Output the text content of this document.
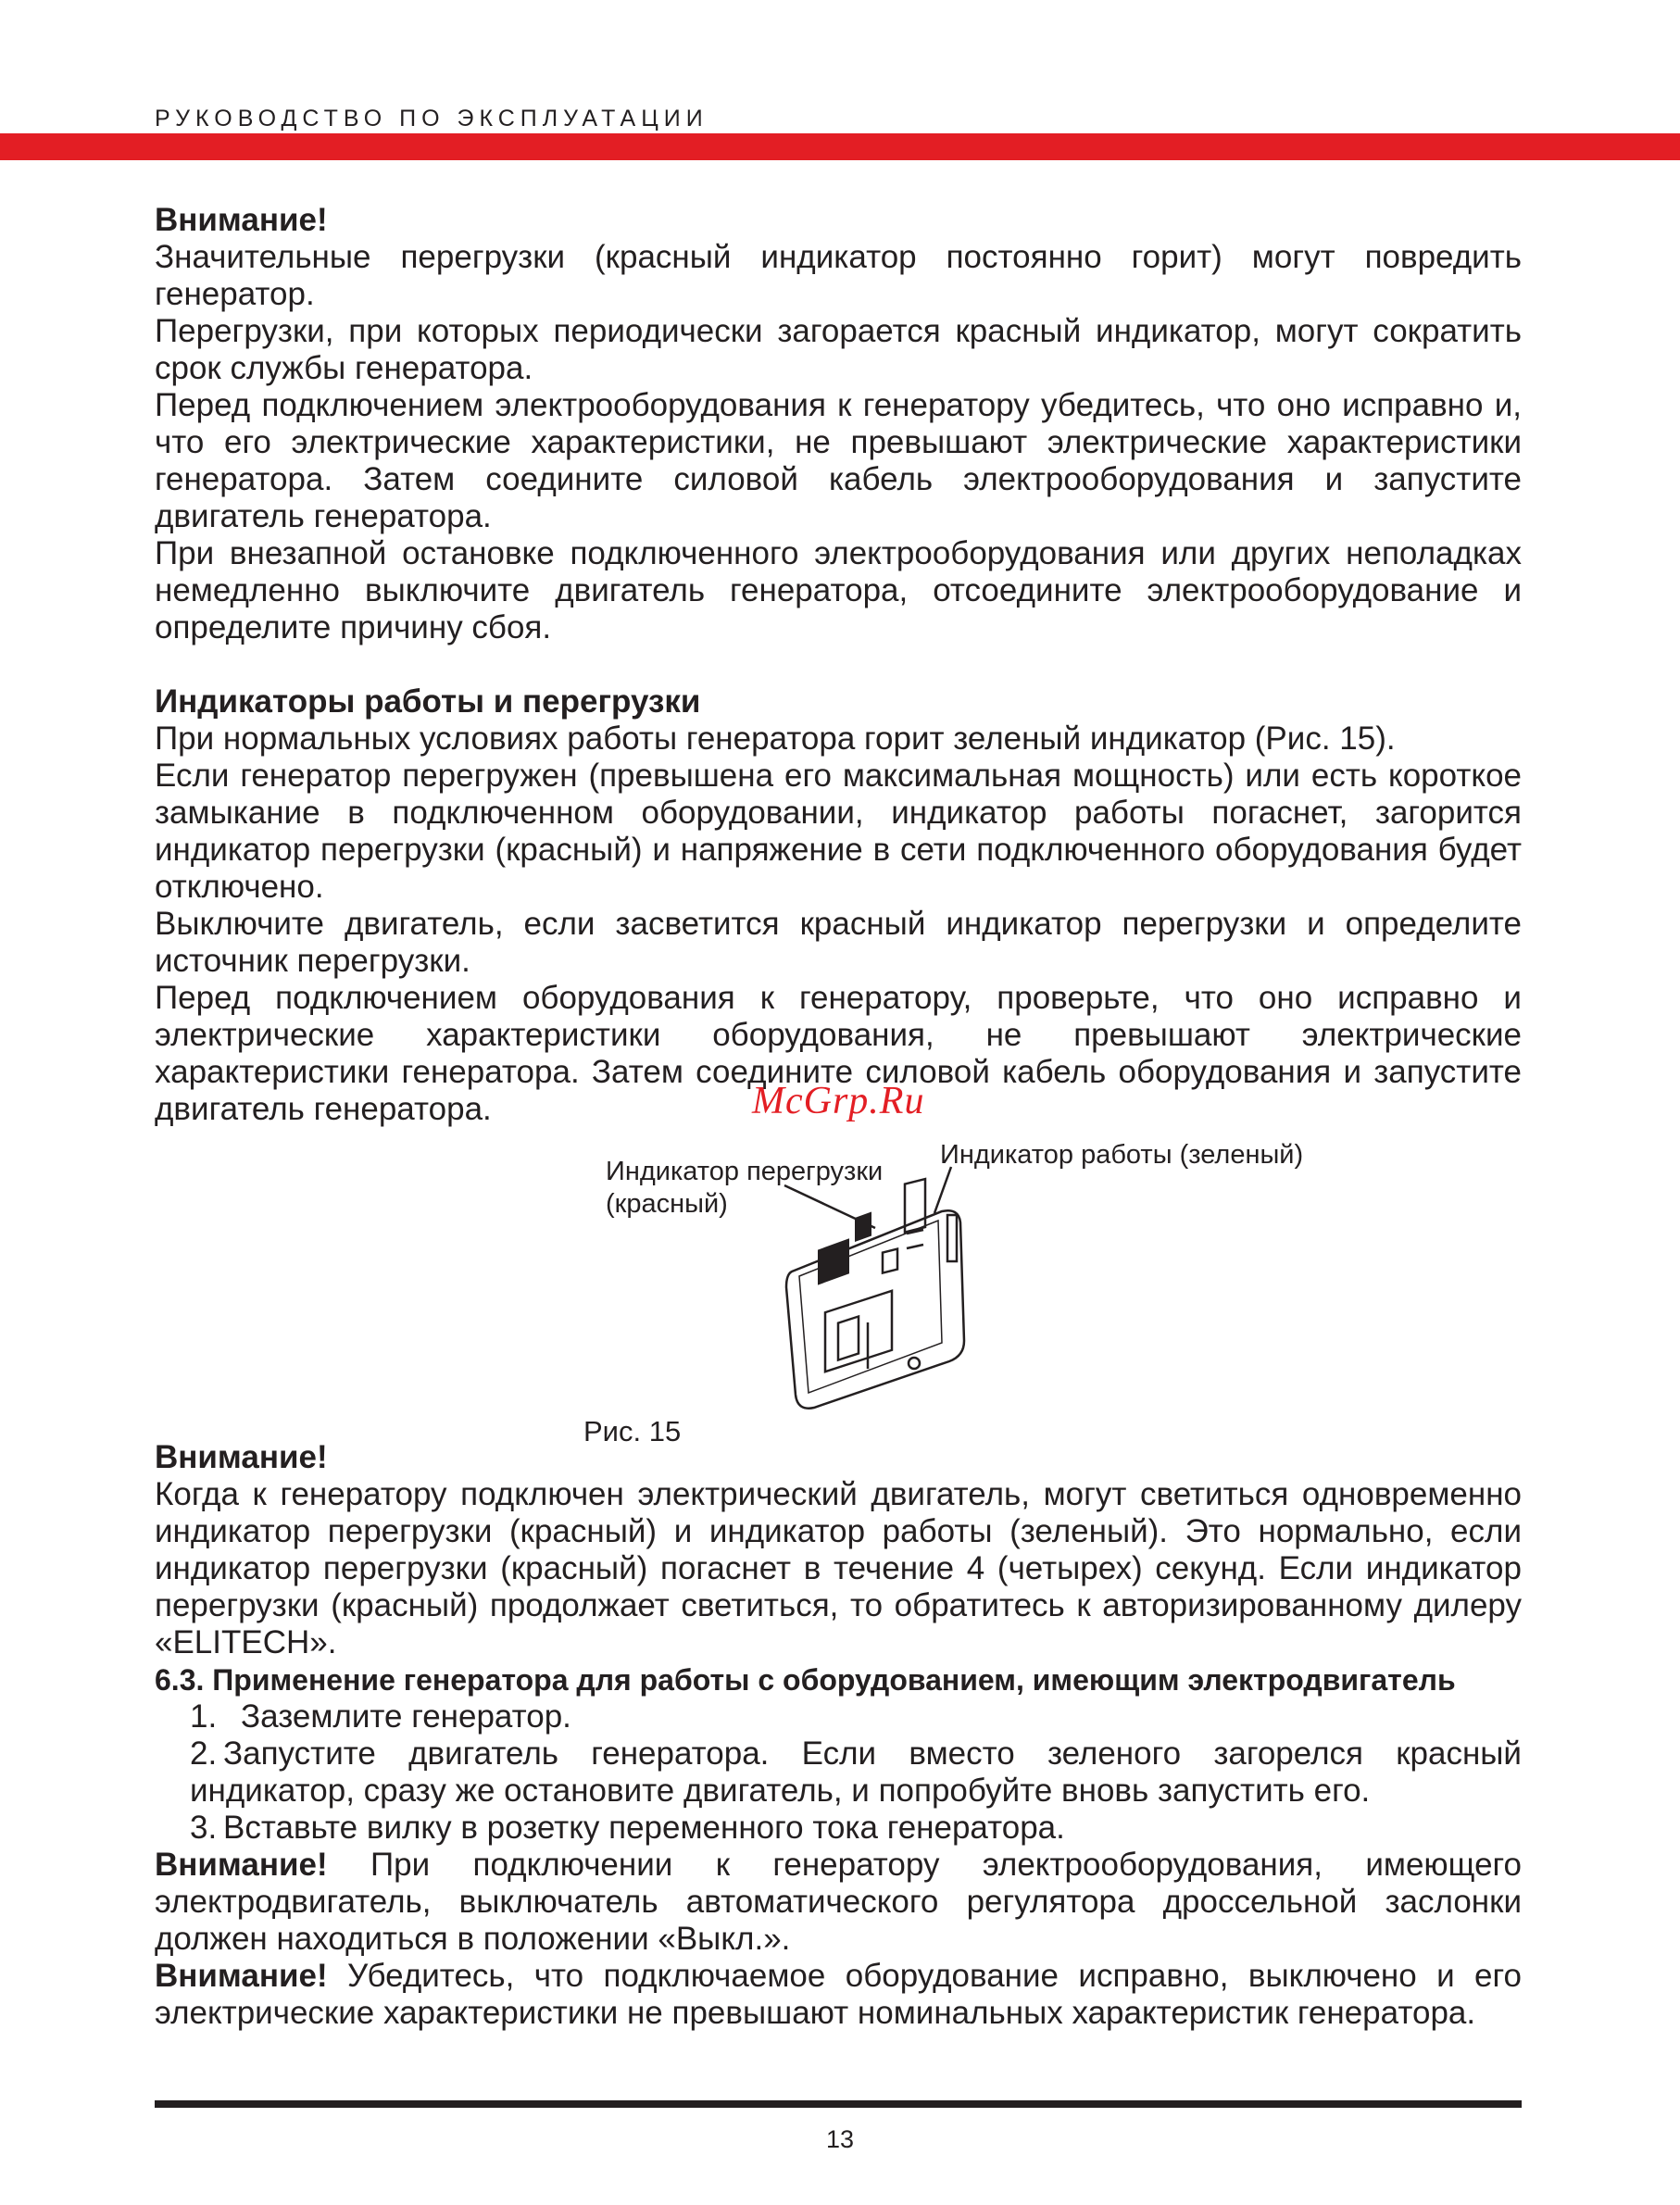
РУКОВОДСТВО ПО ЭКСПЛУАТАЦИИ

Внимание!

Значительные перегрузки (красный индикатор постоянно горит) могут повредить генератор.

Перегрузки, при которых периодически загорается красный индикатор, могут сократить срок службы генератора.

Перед подключением электрооборудования к генератору убедитесь, что оно исправно и, что его электрические характеристики, не превышают электрические характеристики генератора. Затем соедините силовой кабель электрооборудования и запустите двигатель генератора.

При внезапной остановке подключенного электрооборудования или других неполадках немедленно выключите двигатель генератора, отсоедините электрооборудование и определите причину сбоя.

Индикаторы работы и перегрузки

При нормальных условиях работы генератора горит зеленый индикатор (Рис. 15).

Если генератор перегружен (превышена его максимальная мощность) или есть короткое замыкание в подключенном оборудовании, индикатор работы погаснет, загорится индикатор перегрузки (красный) и напряжение в сети подключенного оборудования будет отключено.

Выключите двигатель, если засветится красный индикатор перегрузки и определите источник перегрузки.

Перед подключением оборудования к генератору, проверьте, что оно исправно и электрические характеристики оборудования, не превышают электрические характеристики генератора. Затем соедините силовой кабель оборудования и запустите двигатель генератора.

Индикатор перегрузки
(красный)
Индикатор работы (зеленый)
Рис. 15

Внимание!

Когда к генератору подключен электрический двигатель, могут светиться одновременно индикатор перегрузки (красный) и индикатор работы (зеленый). Это нормально, если индикатор перегрузки (красный) погаснет в течение 4 (четырех) секунд. Если индикатор перегрузки (красный) продолжает светиться, то обратитесь к авторизированному дилеру «ELITECH».

6.3. Применение генератора для работы с оборудованием, имеющим электродвигатель

1. Заземлите генератор.

2. Запустите двигатель генератора. Если вместо зеленого загорелся красный индикатор, сразу же остановите двигатель, и попробуйте вновь запустить его.

3. Вставьте вилку в розетку переменного тока генератора.

Внимание! При подключении к генератору электрооборудования, имеющего электродвигатель, выключатель автоматического регулятора дроссельной заслонки должен находиться в положении «Выкл.».

Внимание! Убедитесь, что подключаемое оборудование исправно, выключено и его электрические характеристики не превышают номинальных характеристик генератора.

McGrp.Ru
13
